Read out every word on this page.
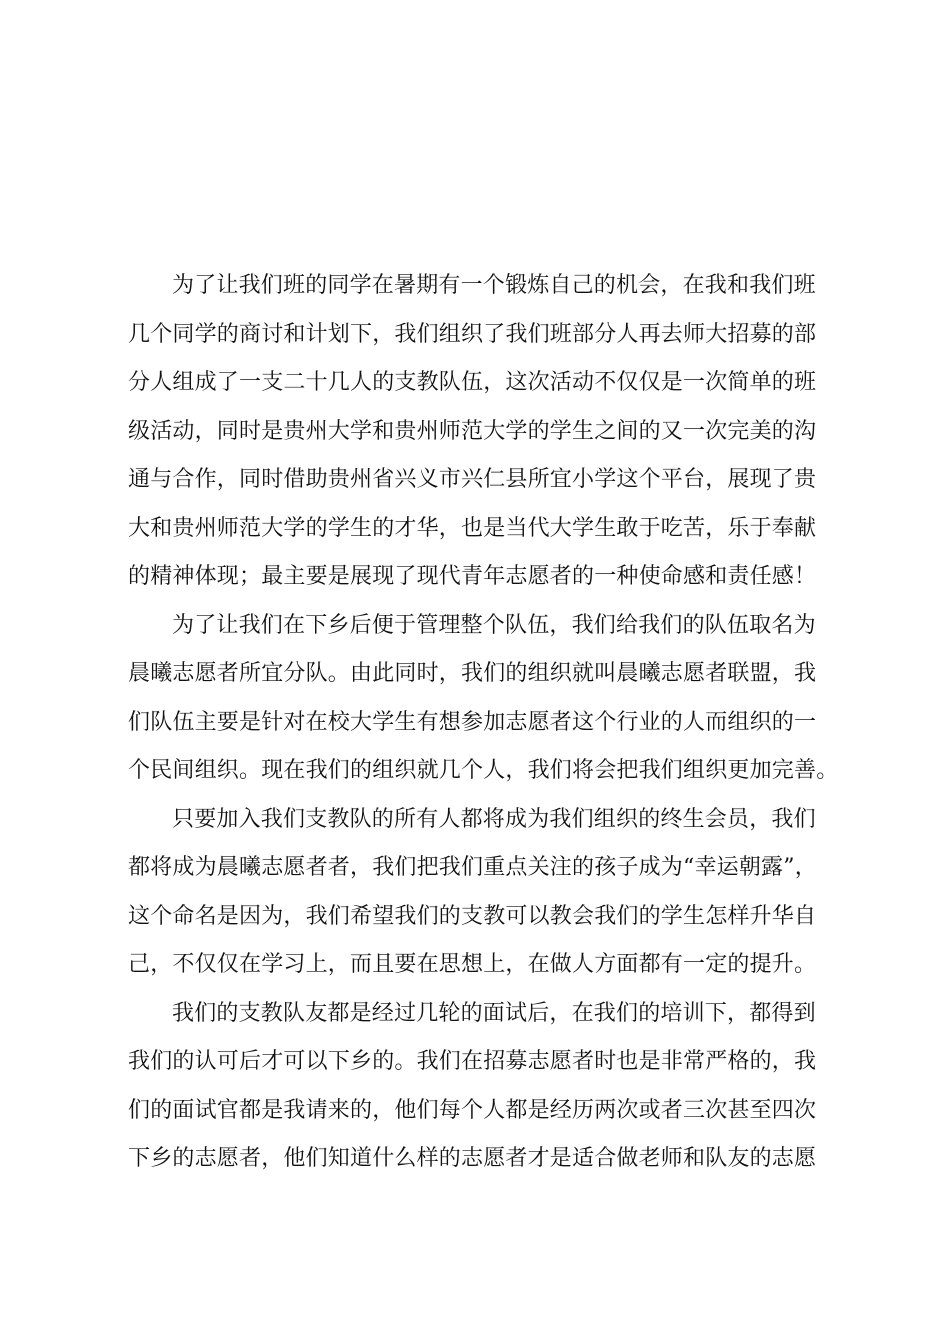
为了让我们班的同学在暑期有一个锻炼自己的机会，在我和我们班
几个同学的商讨和计划下，我们组织了我们班部分人再去师大招募的部
分人组成了一支二十几人的支教队伍，这次活动不仅仅是一次简单的班
级活动，同时是贵州大学和贵州师范大学的学生之间的又一次完美的沟
通与合作，同时借助贵州省兴义市兴仁县所宜小学这个平台，展现了贵
大和贵州师范大学的学生的才华，也是当代大学生敢于吃苦，乐于奉献
的精神体现；最主要是展现了现代青年志愿者的一种使命感和责任感！

为了让我们在下乡后便于管理整个队伍，我们给我们的队伍取名为
晨曦志愿者所宜分队。由此同时，我们的组织就叫晨曦志愿者联盟，我
们队伍主要是针对在校大学生有想参加志愿者这个行业的人而组织的一
个民间组织。现在我们的组织就几个人，我们将会把我们组织更加完善。

只要加入我们支教队的所有人都将成为我们组织的终生会员，我们
都将成为晨曦志愿者者，我们把我们重点关注的孩子成为“幸运朝露”，
这个命名是因为，我们希望我们的支教可以教会我们的学生怎样升华自
己，不仅仅在学习上，而且要在思想上，在做人方面都有一定的提升。

我们的支教队友都是经过几轮的面试后，在我们的培训下，都得到
我们的认可后才可以下乡的。我们在招募志愿者时也是非常严格的，我
们的面试官都是我请来的，他们每个人都是经历两次或者三次甚至四次
下乡的志愿者，他们知道什么样的志愿者才是适合做老师和队友的志愿
